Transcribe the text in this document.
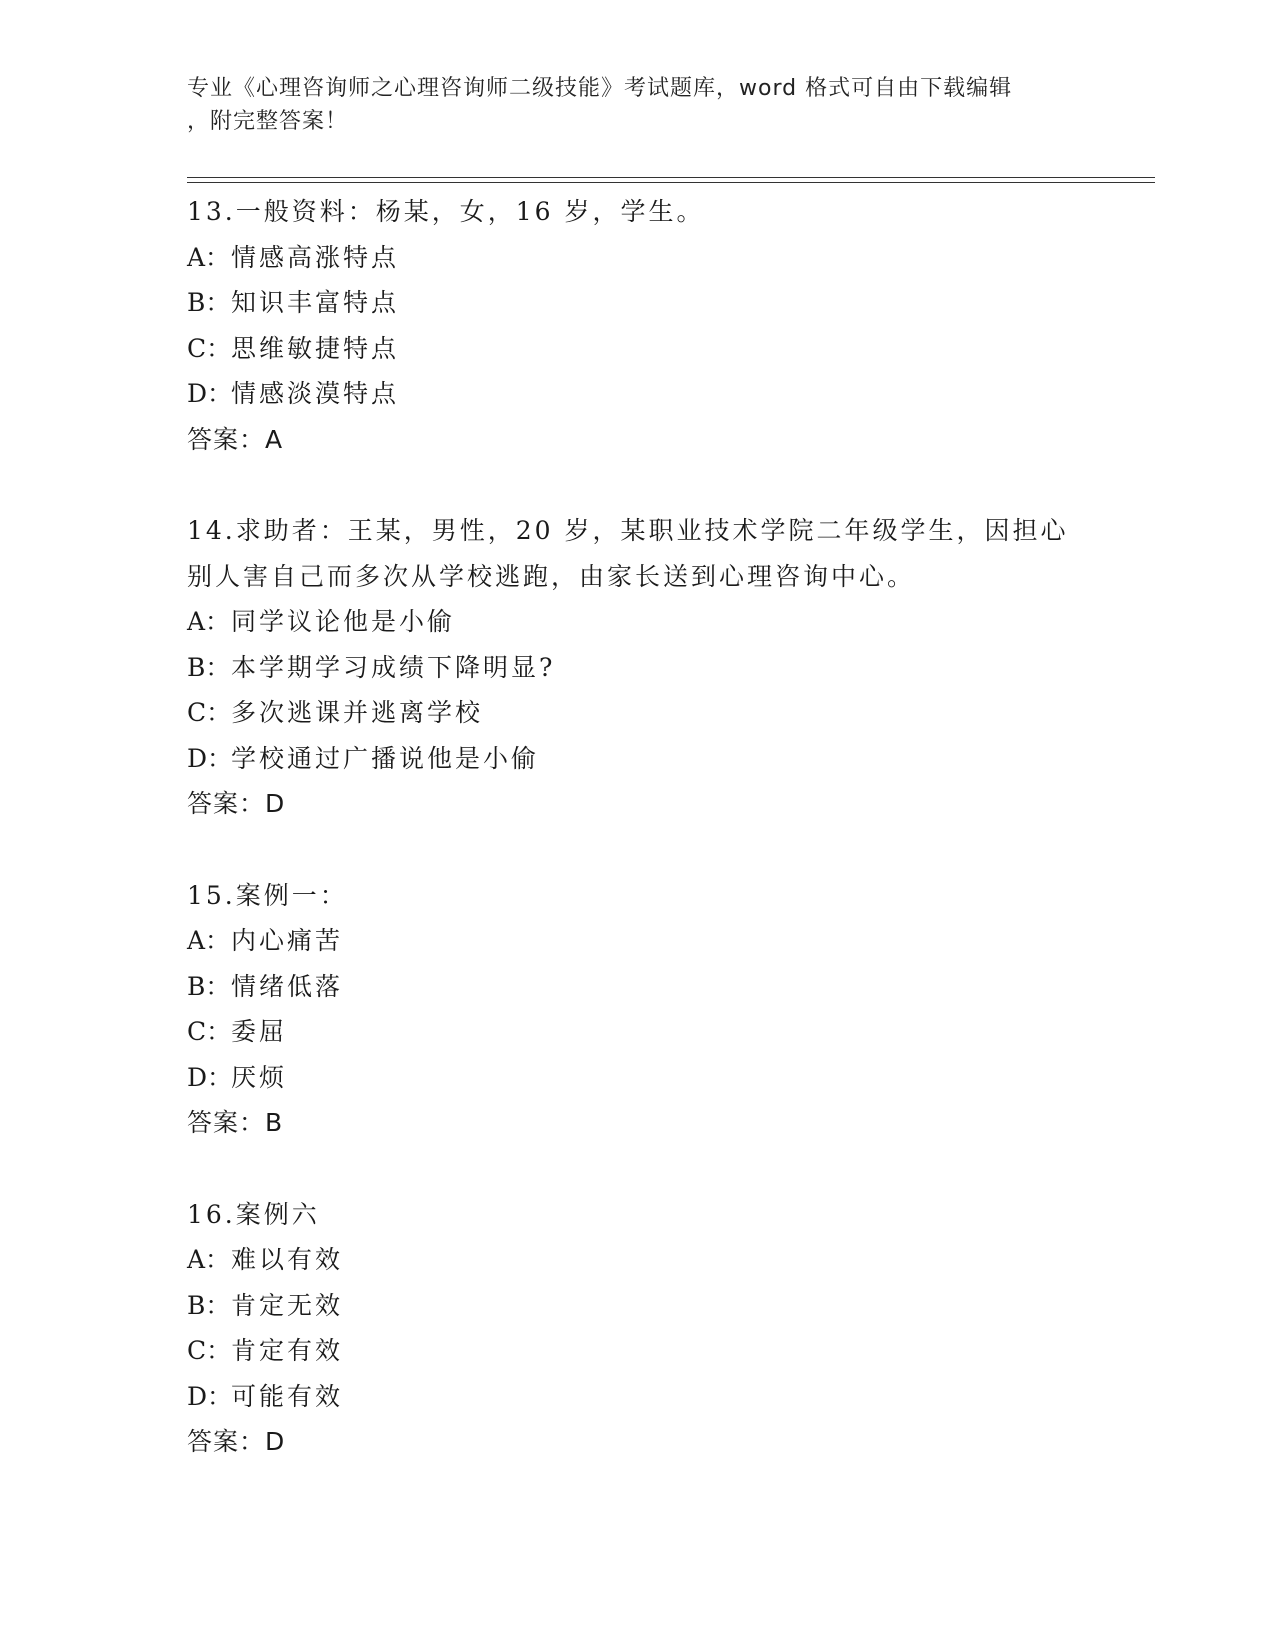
专业《心理咨询师之心理咨询师二级技能》考试题库，word 格式可自由下载编辑
，附完整答案！
13.一般资料：杨某，女，16 岁，学生。
A：情感高涨特点
B：知识丰富特点
C：思维敏捷特点
D：情感淡漠特点
答案：A
14.求助者：王某，男性，20 岁，某职业技术学院二年级学生，因担心
别人害自己而多次从学校逃跑，由家长送到心理咨询中心。
A：同学议论他是小偷
B：本学期学习成绩下降明显?
C：多次逃课并逃离学校
D：学校通过广播说他是小偷
答案：D
15.案例一：
A：内心痛苦
B：情绪低落
C：委屈
D：厌烦
答案：B
16.案例六
A：难以有效
B：肯定无效
C：肯定有效
D：可能有效
答案：D
